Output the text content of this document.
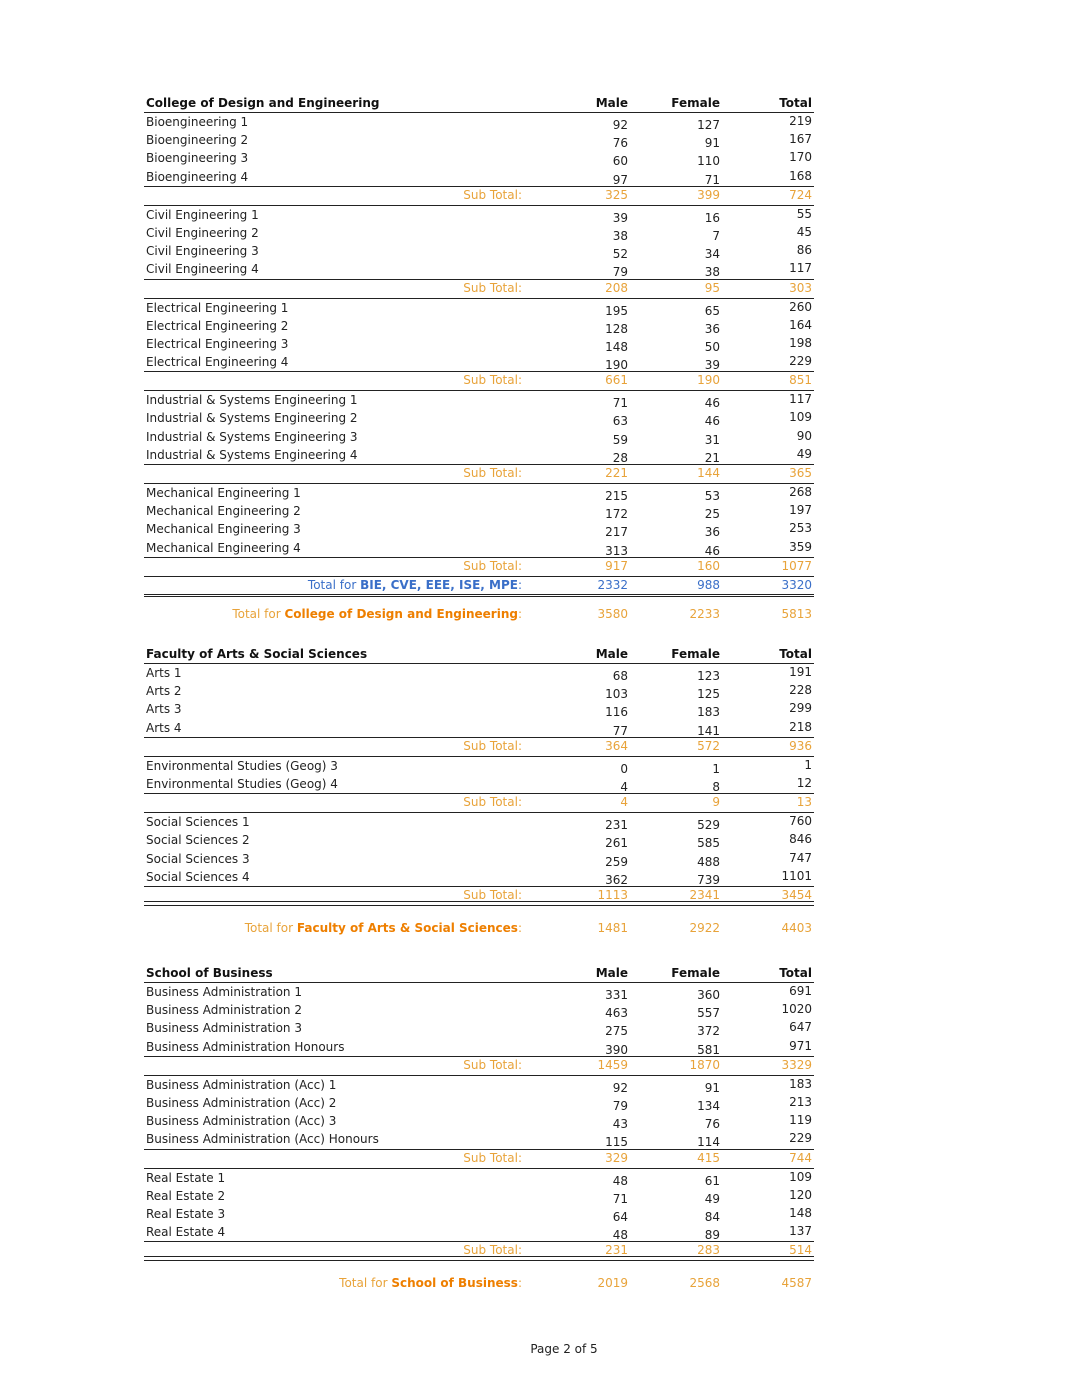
College of Design and Engineering	Male	Female	Total
Bioengineering 1	92	127	219
Bioengineering 2	76	91	167
Bioengineering 3	60	110	170
Bioengineering 4	97	71	168
Sub Total:	325	399	724
Civil Engineering 1	39	16	55
Civil Engineering 2	38	7	45
Civil Engineering 3	52	34	86
Civil Engineering 4	79	38	117
Sub Total:	208	95	303
Electrical Engineering 1	195	65	260
Electrical Engineering 2	128	36	164
Electrical Engineering 3	148	50	198
Electrical Engineering 4	190	39	229
Sub Total:	661	190	851
Industrial & Systems Engineering 1	71	46	117
Industrial & Systems Engineering 2	63	46	109
Industrial & Systems Engineering 3	59	31	90
Industrial & Systems Engineering 4	28	21	49
Sub Total:	221	144	365
Mechanical Engineering 1	215	53	268
Mechanical Engineering 2	172	25	197
Mechanical Engineering 3	217	36	253
Mechanical Engineering 4	313	46	359
Sub Total:	917	160	1077
Total for BIE, CVE, EEE, ISE, MPE:	2332	988	3320
Total for College of Design and Engineering:	3580	2233	5813
Faculty of Arts & Social Sciences	Male	Female	Total
Arts 1	68	123	191
Arts 2	103	125	228
Arts 3	116	183	299
Arts 4	77	141	218
Sub Total:	364	572	936
Environmental Studies (Geog) 3	0	1	1
Environmental Studies (Geog) 4	4	8	12
Sub Total:	4	9	13
Social Sciences 1	231	529	760
Social Sciences 2	261	585	846
Social Sciences 3	259	488	747
Social Sciences 4	362	739	1101
Sub Total:	1113	2341	3454
Total for Faculty of Arts & Social Sciences:	1481	2922	4403
School of Business	Male	Female	Total
Business Administration 1	331	360	691
Business Administration 2	463	557	1020
Business Administration 3	275	372	647
Business Administration Honours	390	581	971
Sub Total:	1459	1870	3329
Business Administration (Acc) 1	92	91	183
Business Administration (Acc) 2	79	134	213
Business Administration (Acc) 3	43	76	119
Business Administration (Acc) Honours	115	114	229
Sub Total:	329	415	744
Real Estate 1	48	61	109
Real Estate 2	71	49	120
Real Estate 3	64	84	148
Real Estate 4	48	89	137
Sub Total:	231	283	514
Total for School of Business:	2019	2568	4587
Page 2 of 5
